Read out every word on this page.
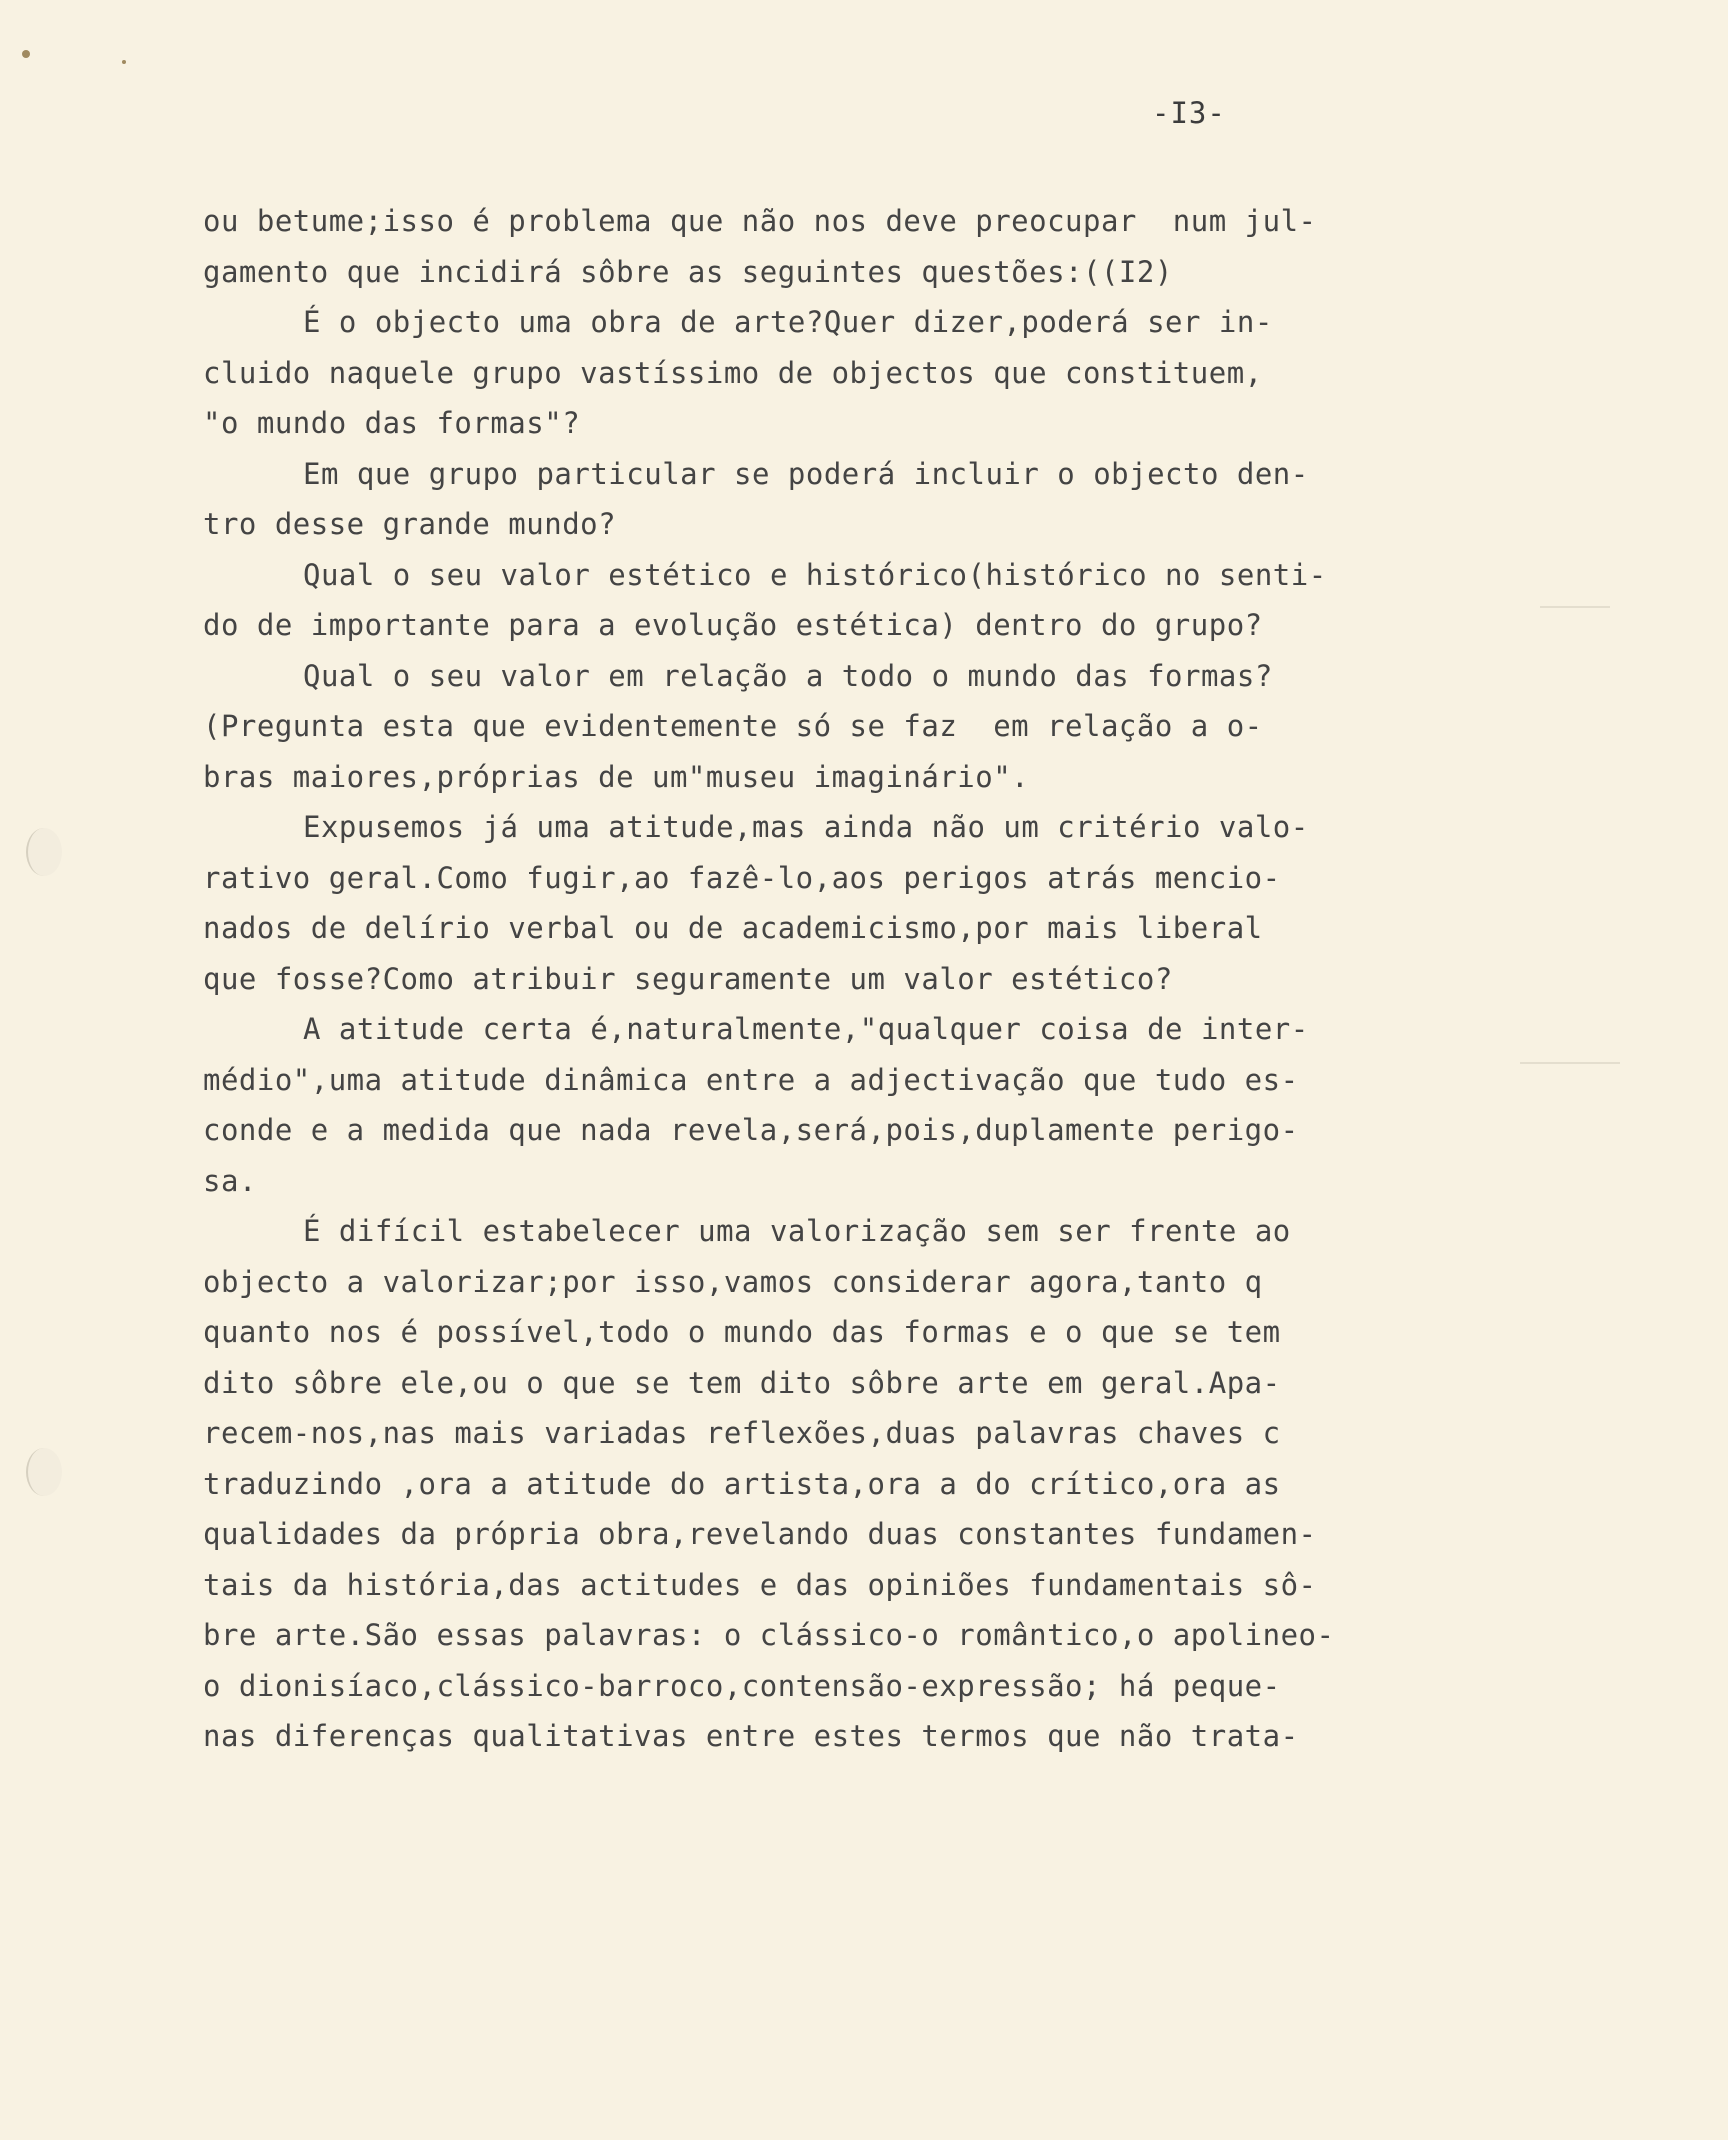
-I3-
ou betume;isso é problema que não nos deve preocupar  num jul-
gamento que incidirá sôbre as seguintes questões:((I2)
É o objecto uma obra de arte?Quer dizer,poderá ser in-
cluido naquele grupo vastíssimo de objectos que constituem,
"o mundo das formas"?
Em que grupo particular se poderá incluir o objecto den-
tro desse grande mundo?
Qual o seu valor estético e histórico(histórico no senti-
do de importante para a evolução estética) dentro do grupo?
Qual o seu valor em relação a todo o mundo das formas?
(Pregunta esta que evidentemente só se faz  em relação a o-
bras maiores,próprias de um"museu imaginário".
Expusemos já uma atitude,mas ainda não um critério valo-
rativo geral.Como fugir,ao fazê-lo,aos perigos atrás mencio-
nados de delírio verbal ou de academicismo,por mais liberal
que fosse?Como atribuir seguramente um valor estético?
A atitude certa é,naturalmente,"qualquer coisa de inter-
médio",uma atitude dinâmica entre a adjectivação que tudo es-
conde e a medida que nada revela,será,pois,duplamente perigo-
sa.
É difícil estabelecer uma valorização sem ser frente ao
objecto a valorizar;por isso,vamos considerar agora,tanto q
quanto nos é possível,todo o mundo das formas e o que se tem
dito sôbre ele,ou o que se tem dito sôbre arte em geral.Apa-
recem-nos,nas mais variadas reflexões,duas palavras chaves c
traduzindo ,ora a atitude do artista,ora a do crítico,ora as
qualidades da própria obra,revelando duas constantes fundamen-
tais da história,das actitudes e das opiniões fundamentais sô-
bre arte.São essas palavras: o clássico-o romântico,o apolineo-
o dionisíaco,clássico-barroco,contensão-expressão; há peque-
nas diferenças qualitativas entre estes termos que não trata-
